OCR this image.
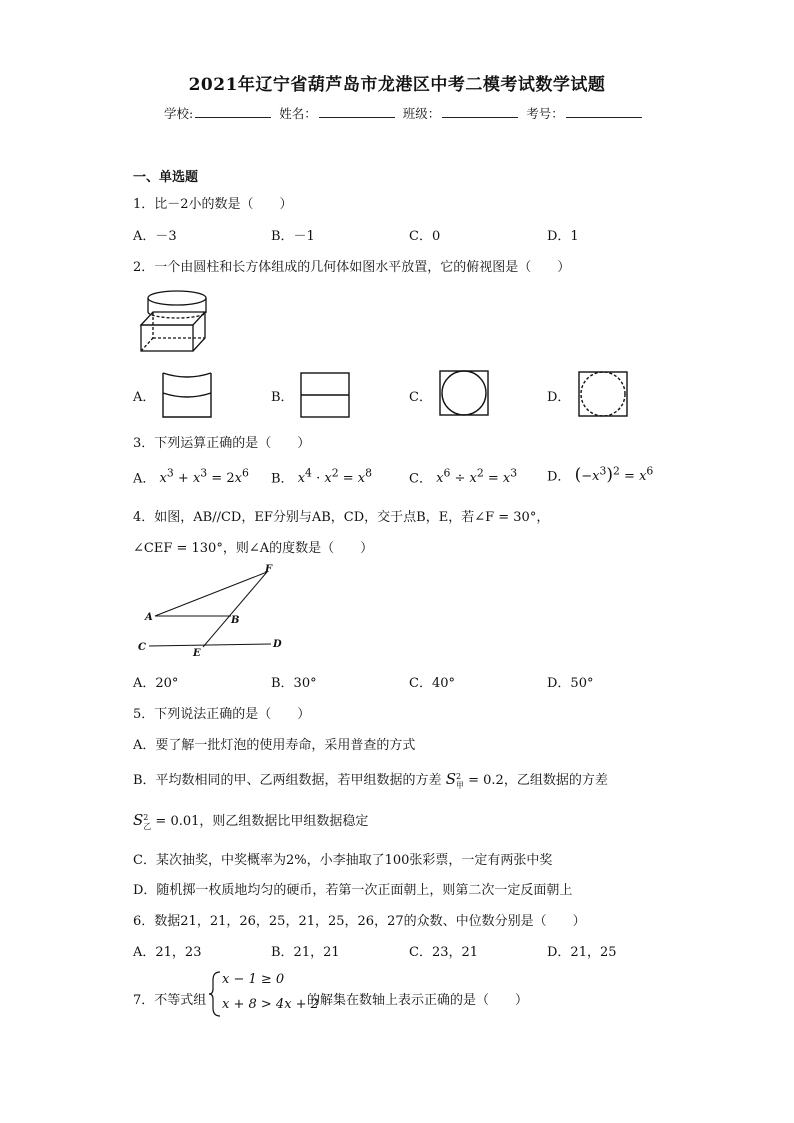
2021年辽宁省葫芦岛市龙港区中考二模考试数学试题
学校:	姓名：	班级：	考号：
一、单选题
1．比－2小的数是（　　）
A．－3	B．－1	C．0	D．1
2．一个由圆柱和长方体组成的几何体如图水平放置，它的俯视图是（　　）
A．	B．	C．	D．
3．下列运算正确的是（　　）
A． $x^3 + x^3 = 2x^6$ B． $x^4 \cdot x^2 = x^8$	C． $x^6 \div x^2 = x^3$ D． $(-x^3)^2 = x^6$
4．如图，AB//CD，EF分别与AB，CD，交于点B，E，若∠F = 30°，
∠CEF = 130°，则∠A的度数是（　　）
F
A	B
C	D
E
A．20°	B．30°	C．40°	D．50°
5．下列说法正确的是（　　）
A．要了解一批灯泡的使用寿命，采用普查的方式
B．平均数相同的甲、乙两组数据，若甲组数据的方差 S2
甲 = 0.2，乙组数据的方差
S2
乙 = 0.01，则乙组数据比甲组数据稳定
C．某次抽奖，中奖概率为2%，小李抽取了100张彩票，一定有两张中奖
D．随机掷一枚质地均匀的硬币，若第一次正面朝上，则第二次一定反面朝上
6．数据21，21，26，25，21，25，26，27的众数、中位数分别是（　　）
A．21，23	B．21，21	C．23，21	D．21，25
7．不等式组
x − 1 ≥ 0
x + 8 > 4x + 2
的解集在数轴上表示正确的是（　　）
